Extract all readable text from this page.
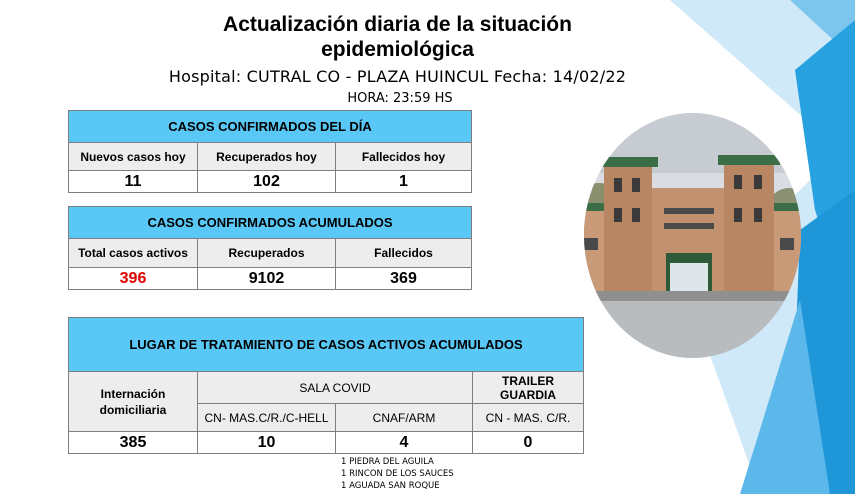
Actualización diaria de la situación
epidemiológica
Hospital: CUTRAL CO - PLAZA HUINCUL Fecha: 14/02/22
HORA: 23:59 HS
CASOS CONFIRMADOS DEL DÍA		
Nuevos casos hoy	Recuperados hoy	Fallecidos hoy
11	102	1
CASOS CONFIRMADOS ACUMULADOS		
Total casos activos	Recuperados	Fallecidos
396	9102	369
LUGAR DE TRATAMIENTO DE CASOS ACTIVOS ACUMULADOS			
Internación domiciliaria	SALA COVID		TRAILER GUARDIA
	CN- MAS.C/R./C-HELL	CNAF/ARM	CN - MAS. C/R.
385	10	4	0
1 PIEDRA DEL AGUILA
1 RINCON DE LOS SAUCES
1 AGUADA SAN ROQUE
